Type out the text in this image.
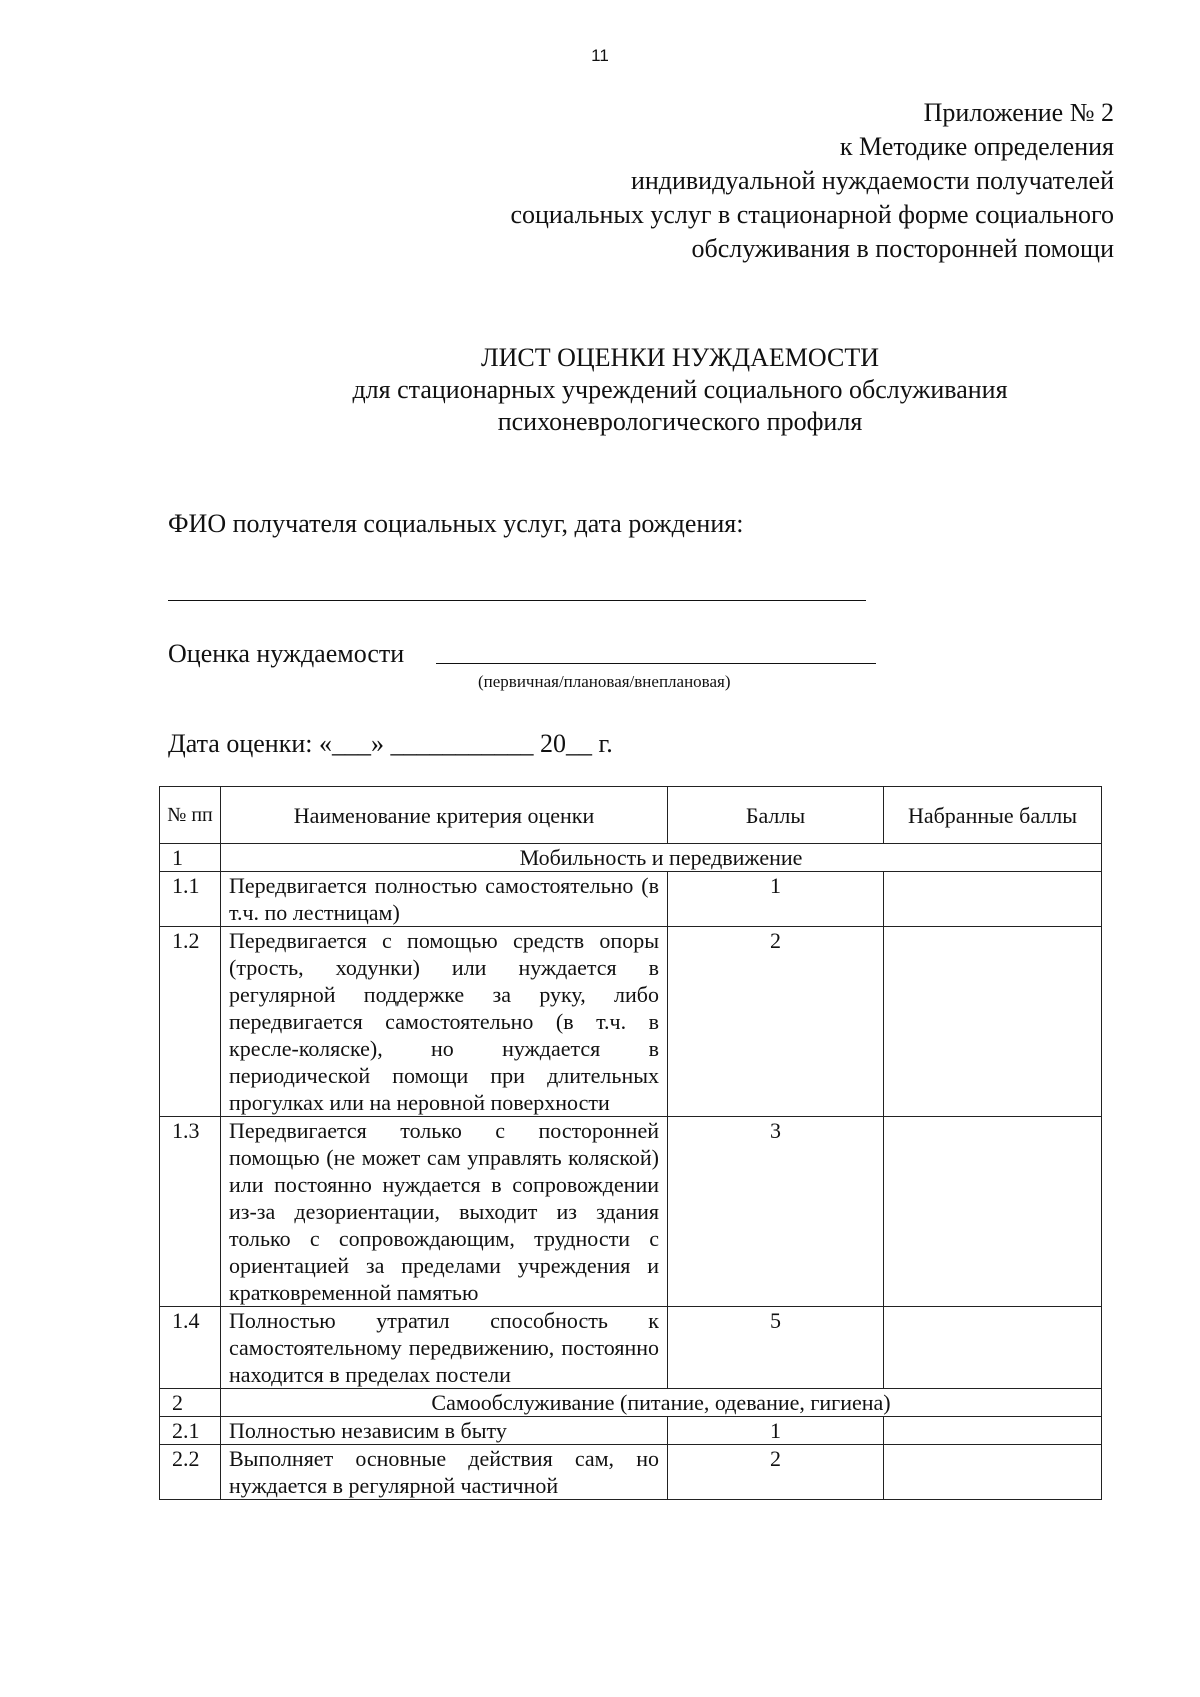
11
Приложение № 2
к Методике определения
индивидуальной нуждаемости получателей
социальных услуг в стационарной форме социального
обслуживания в посторонней помощи
ЛИСТ ОЦЕНКИ НУЖДАЕМОСТИ
для стационарных учреждений социального обслуживания
психоневрологического профиля
ФИО получателя социальных услуг, дата рождения:
Оценка нуждаемости
(первичная/плановая/внеплановая)
Дата оценки: «___» ___________ 20__ г.
№ пп	Наименование критерия оценки	Баллы	Набранные баллы
1	Мобильность и передвижение		
1.1	Передвигается полностью самостоятельно (в т.ч. по лестницам)	1	
1.2	Передвигается с помощью средств опоры (трость, ходунки) или нуждается в регулярной поддержке за руку, либо передвигается самостоятельно (в т.ч. в кресле-коляске), но нуждается в периодической помощи при длительных прогулках или на неровной поверхности	2	
1.3	Передвигается только с посторонней помощью (не может сам управлять коляской) или постоянно нуждается в сопровождении из-за дезориентации, выходит из здания только с сопровождающим, трудности с ориентацией за пределами учреждения и кратковременной памятью	3	
1.4	Полностью утратил способность к самостоятельному передвижению, постоянно находится в пределах постели	5	
2	Самообслуживание (питание, одевание, гигиена)		
2.1	Полностью независим в быту	1	
2.2	Выполняет основные действия сам, но нуждается в регулярной частичной	2	
